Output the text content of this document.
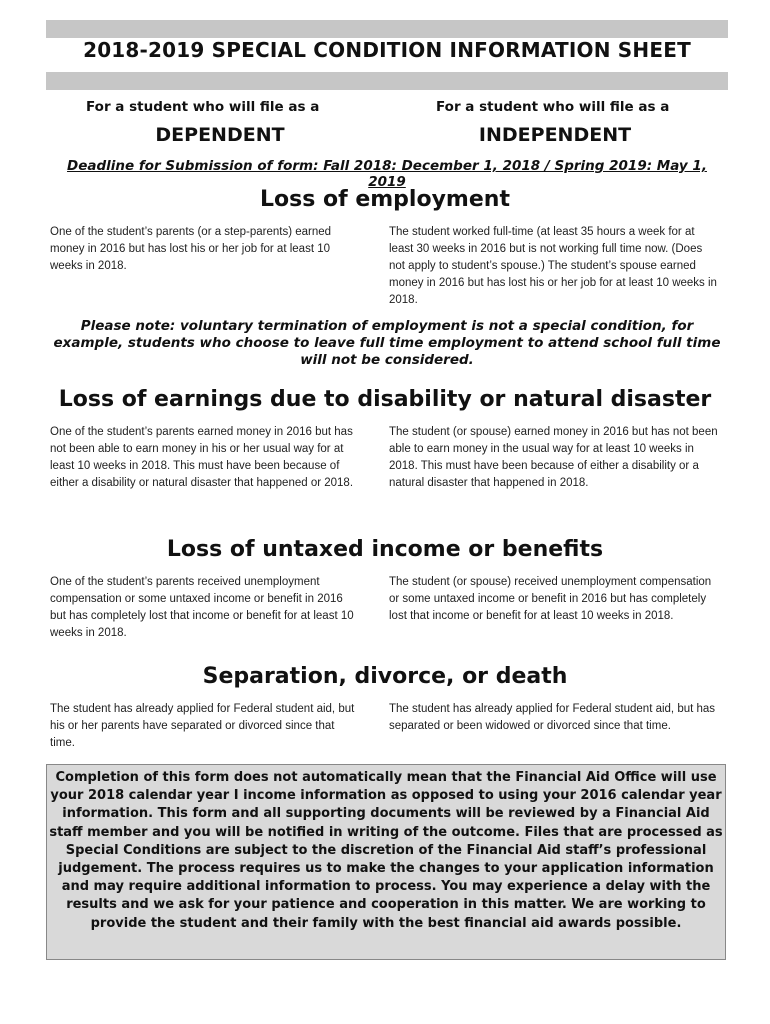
2018-2019 SPECIAL CONDITION INFORMATION SHEET
For a student who will file as a	For a student who will file as a
DEPENDENT	INDEPENDENT
Deadline for Submission of form: Fall 2018: December 1, 2018 / Spring 2019: May 1, 2019
Loss of employment
One of the student’s parents (or a step-parents) earned money in 2016 but has lost his or her job for at least 10 weeks in 2018.
The student worked full-time (at least 35 hours a week for at least 30 weeks in 2016 but is not working full time now. (Does not apply to student’s spouse.) The student’s spouse earned money in 2016 but has lost his or her job for at least 10 weeks in 2018.
Please note: voluntary termination of employment is not a special condition, for example, students who choose to leave full time employment to attend school full time will not be considered.
Loss of earnings due to disability or natural disaster
One of the student’s parents earned money in 2016 but has not been able to earn money in his or her usual way for at least 10 weeks in 2018. This must have been because of either a disability or natural disaster that happened or 2018.
The student (or spouse) earned money in 2016 but has not been able to earn money in the usual way for at least 10 weeks in 2018. This must have been because of either a disability or a natural disaster that happened in 2018.
Loss of untaxed income or benefits
One of the student’s parents received unemployment compensation or some untaxed income or benefit in 2016 but has completely lost that income or benefit for at least 10 weeks in 2018.
The student (or spouse) received unemployment compensation or some untaxed income or benefit in 2016 but has completely lost that income or benefit for at least 10 weeks in 2018.
Separation, divorce, or death
The student has already applied for Federal student aid, but his or her parents have separated or divorced since that time.
The student has already applied for Federal student aid, but has separated or been widowed or divorced since that time.
Completion of this form does not automatically mean that the Financial Aid Office will use your 2018 calendar year I income information as opposed to using your 2016 calendar year information. This form and all supporting documents will be reviewed by a Financial Aid staff member and you will be notified in writing of the outcome. Files that are processed as Special Conditions are subject to the discretion of the Financial Aid staff’s professional judgement. The process requires us to make the changes to your application information and may require additional information to process. You may experience a delay with the results and we ask for your patience and cooperation in this matter. We are working to provide the student and their family with the best financial aid awards possible.
